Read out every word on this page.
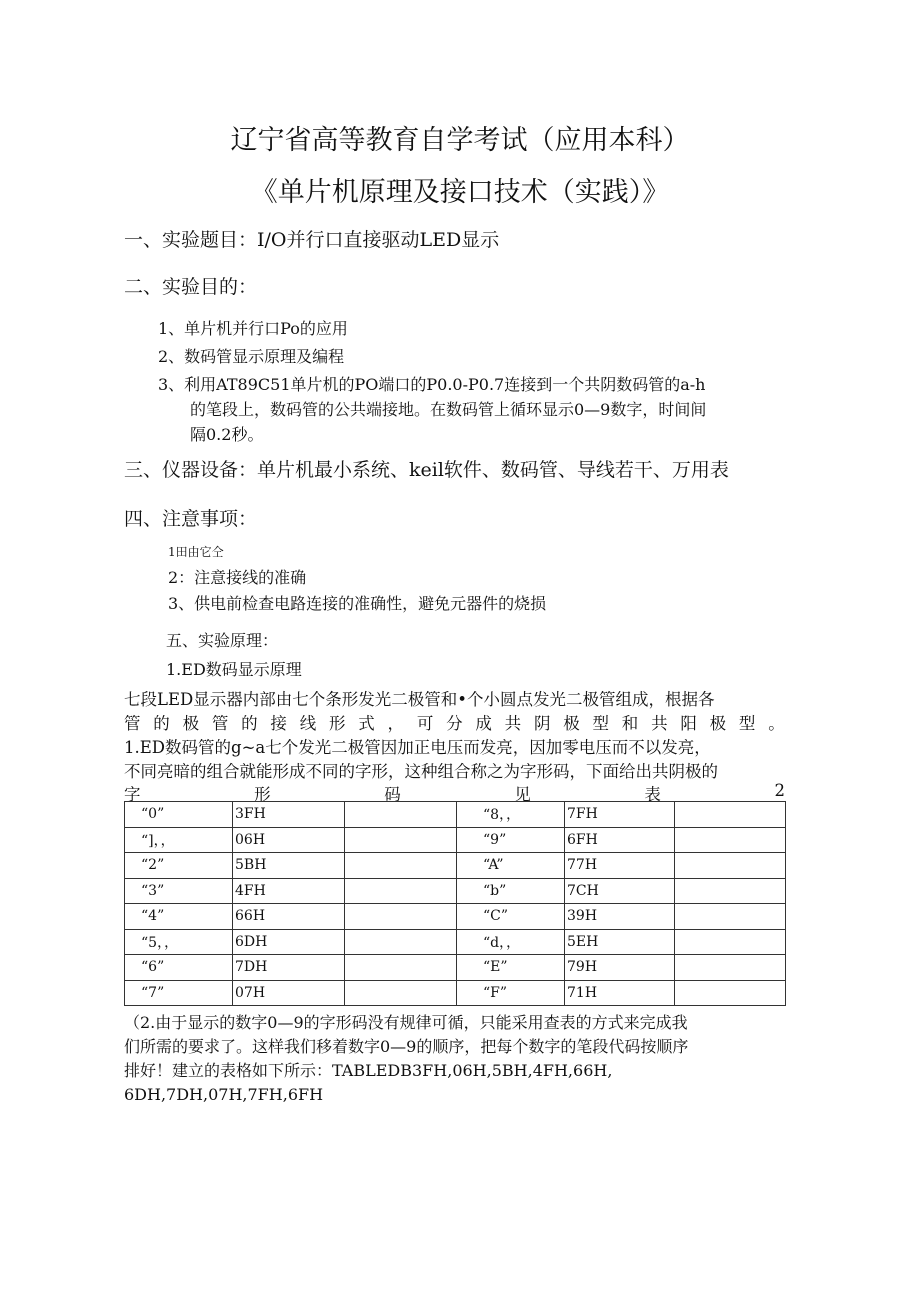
辽宁省高等教育自学考试（应用本科）
《单片机原理及接口技术（实践）》
一、实验题目：I/O并行口直接驱动LED显示
二、实验目的：
1、单片机并行口Po的应用
2、数码管显示原理及编程
3、利用AT89C51单片机的PO端口的P0.0-P0.7连接到一个共阴数码管的a-h
的笔段上，数码管的公共端接地。在数码管上循环显示0—9数字，时间间
隔0.2秒。
三、仪器设备：单片机最小系统、keil软件、数码管、导线若干、万用表
四、注意事项：
1田由它仝
2：注意接线的准确
3、供电前检查电路连接的准确性，避免元器件的烧损
五、实验原理：
1.ED数码显示原理
七段LED显示器内部由七个条形发光二极管和•个小圆点发光二极管组成，根据各
管 的 极 管 的 接 线 形 式 ， 可 分 成 共 阴 极 型 和 共 阳 极 型 。
1.ED数码管的g~a七个发光二极管因加正电压而发亮，因加零电压而不以发亮，
不同亮暗的组合就能形成不同的字形，这种组合称之为字形码，下面给出共阴极的
字	形	码	见	表	2
“0”	3FH		“8，，	7FH	
“]，，	06H		“9”	6FH	
“2”	5BH		“A”	77H	
“3”	4FH		“b”	7CH	
“4”	66H		“C”	39H	
“5，，	6DH		“d，，	5EH	
“6”	7DH		“E”	79H	
“7”	07H		“F”	71H	
（2.由于显示的数字0—9的字形码没有规律可循，只能采用查表的方式来完成我
们所需的要求了。这样我们移着数字0—9的顺序，把每个数字的笔段代码按顺序
排好！建立的表格如下所示：TABLEDB3FH,06H,5BH,4FH,66H,
6DH,7DH,07H,7FH,6FH
